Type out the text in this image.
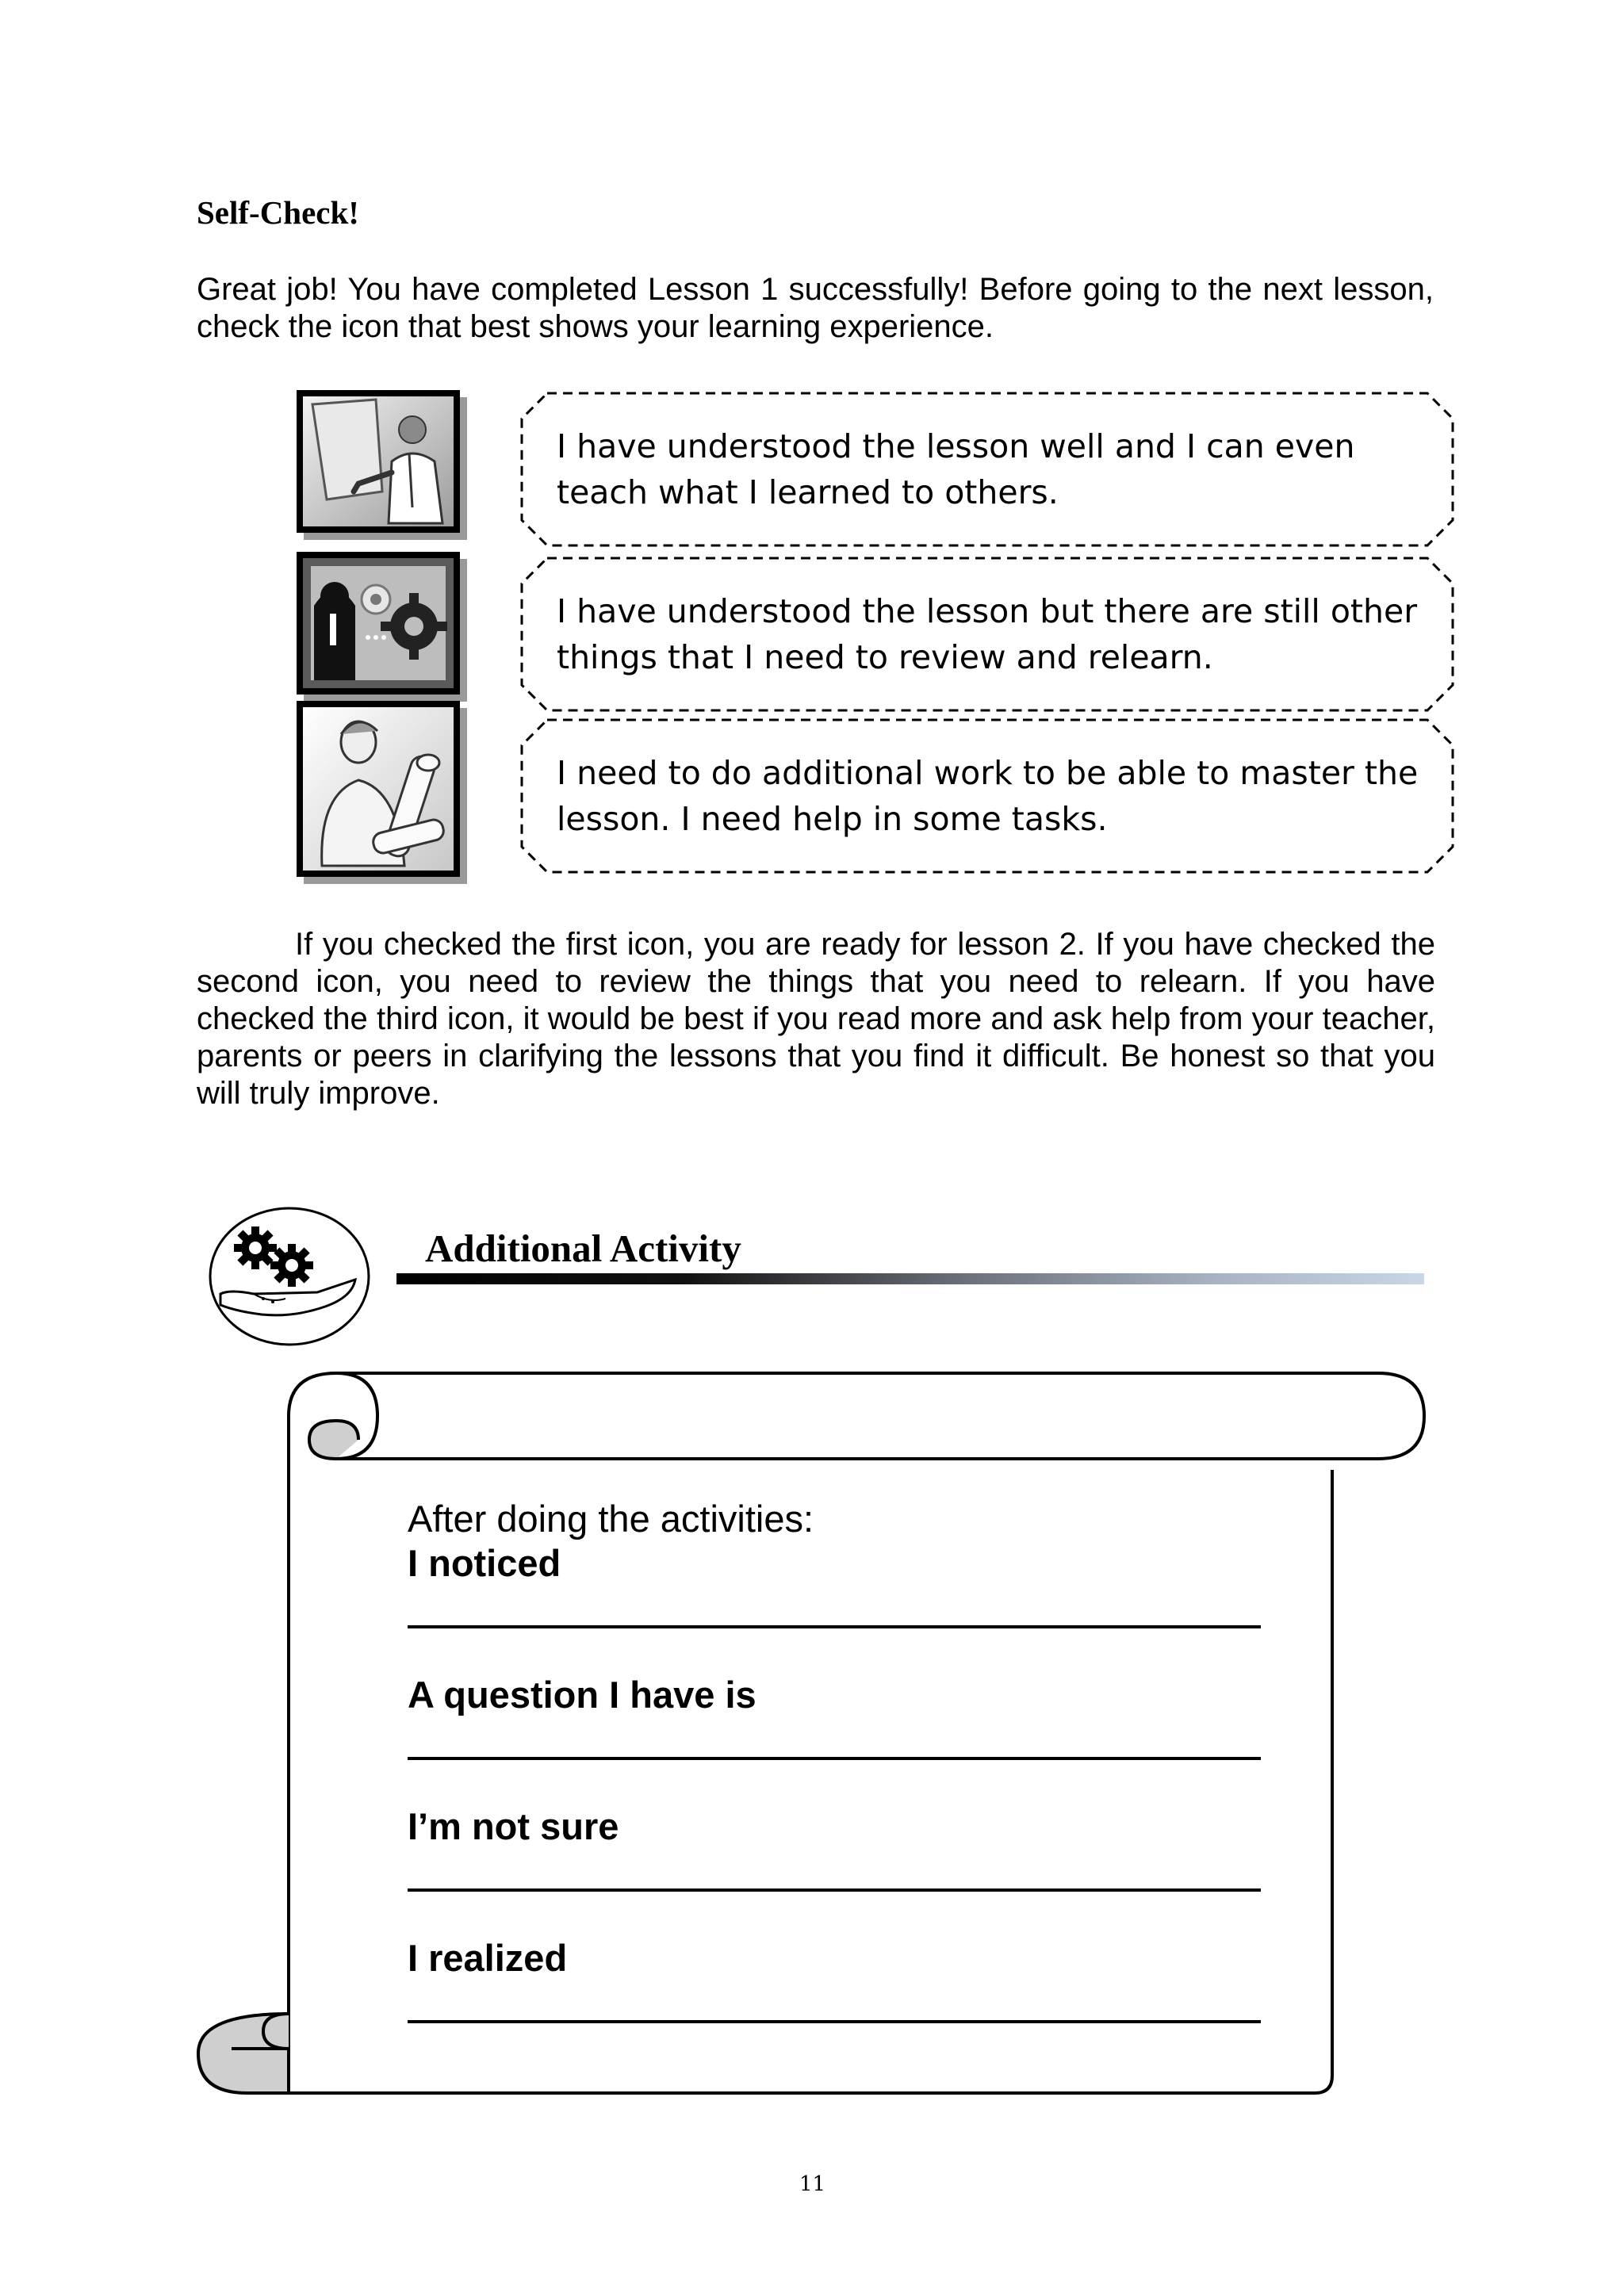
Self-Check!
Great job! You have completed Lesson 1 successfully! Before going to the next lesson, check the icon that best shows your learning experience.
I have understood the lesson well and I can even teach what I learned to others.
I have understood the lesson but there are still other things that I need to review and relearn.
I need to do additional work to be able to master the lesson. I need help in some tasks.
If you checked the first icon, you are ready for lesson 2. If you have checked the second icon, you need to review the things that you need to relearn. If you have checked the third icon, it would be best if you read more and ask help from your teacher, parents or peers in clarifying the lessons that you find it difficult. Be honest so that you will truly improve.
Additional Activity
After doing the activities:
I noticed
A question I have is
I’m not sure
I realized
11
